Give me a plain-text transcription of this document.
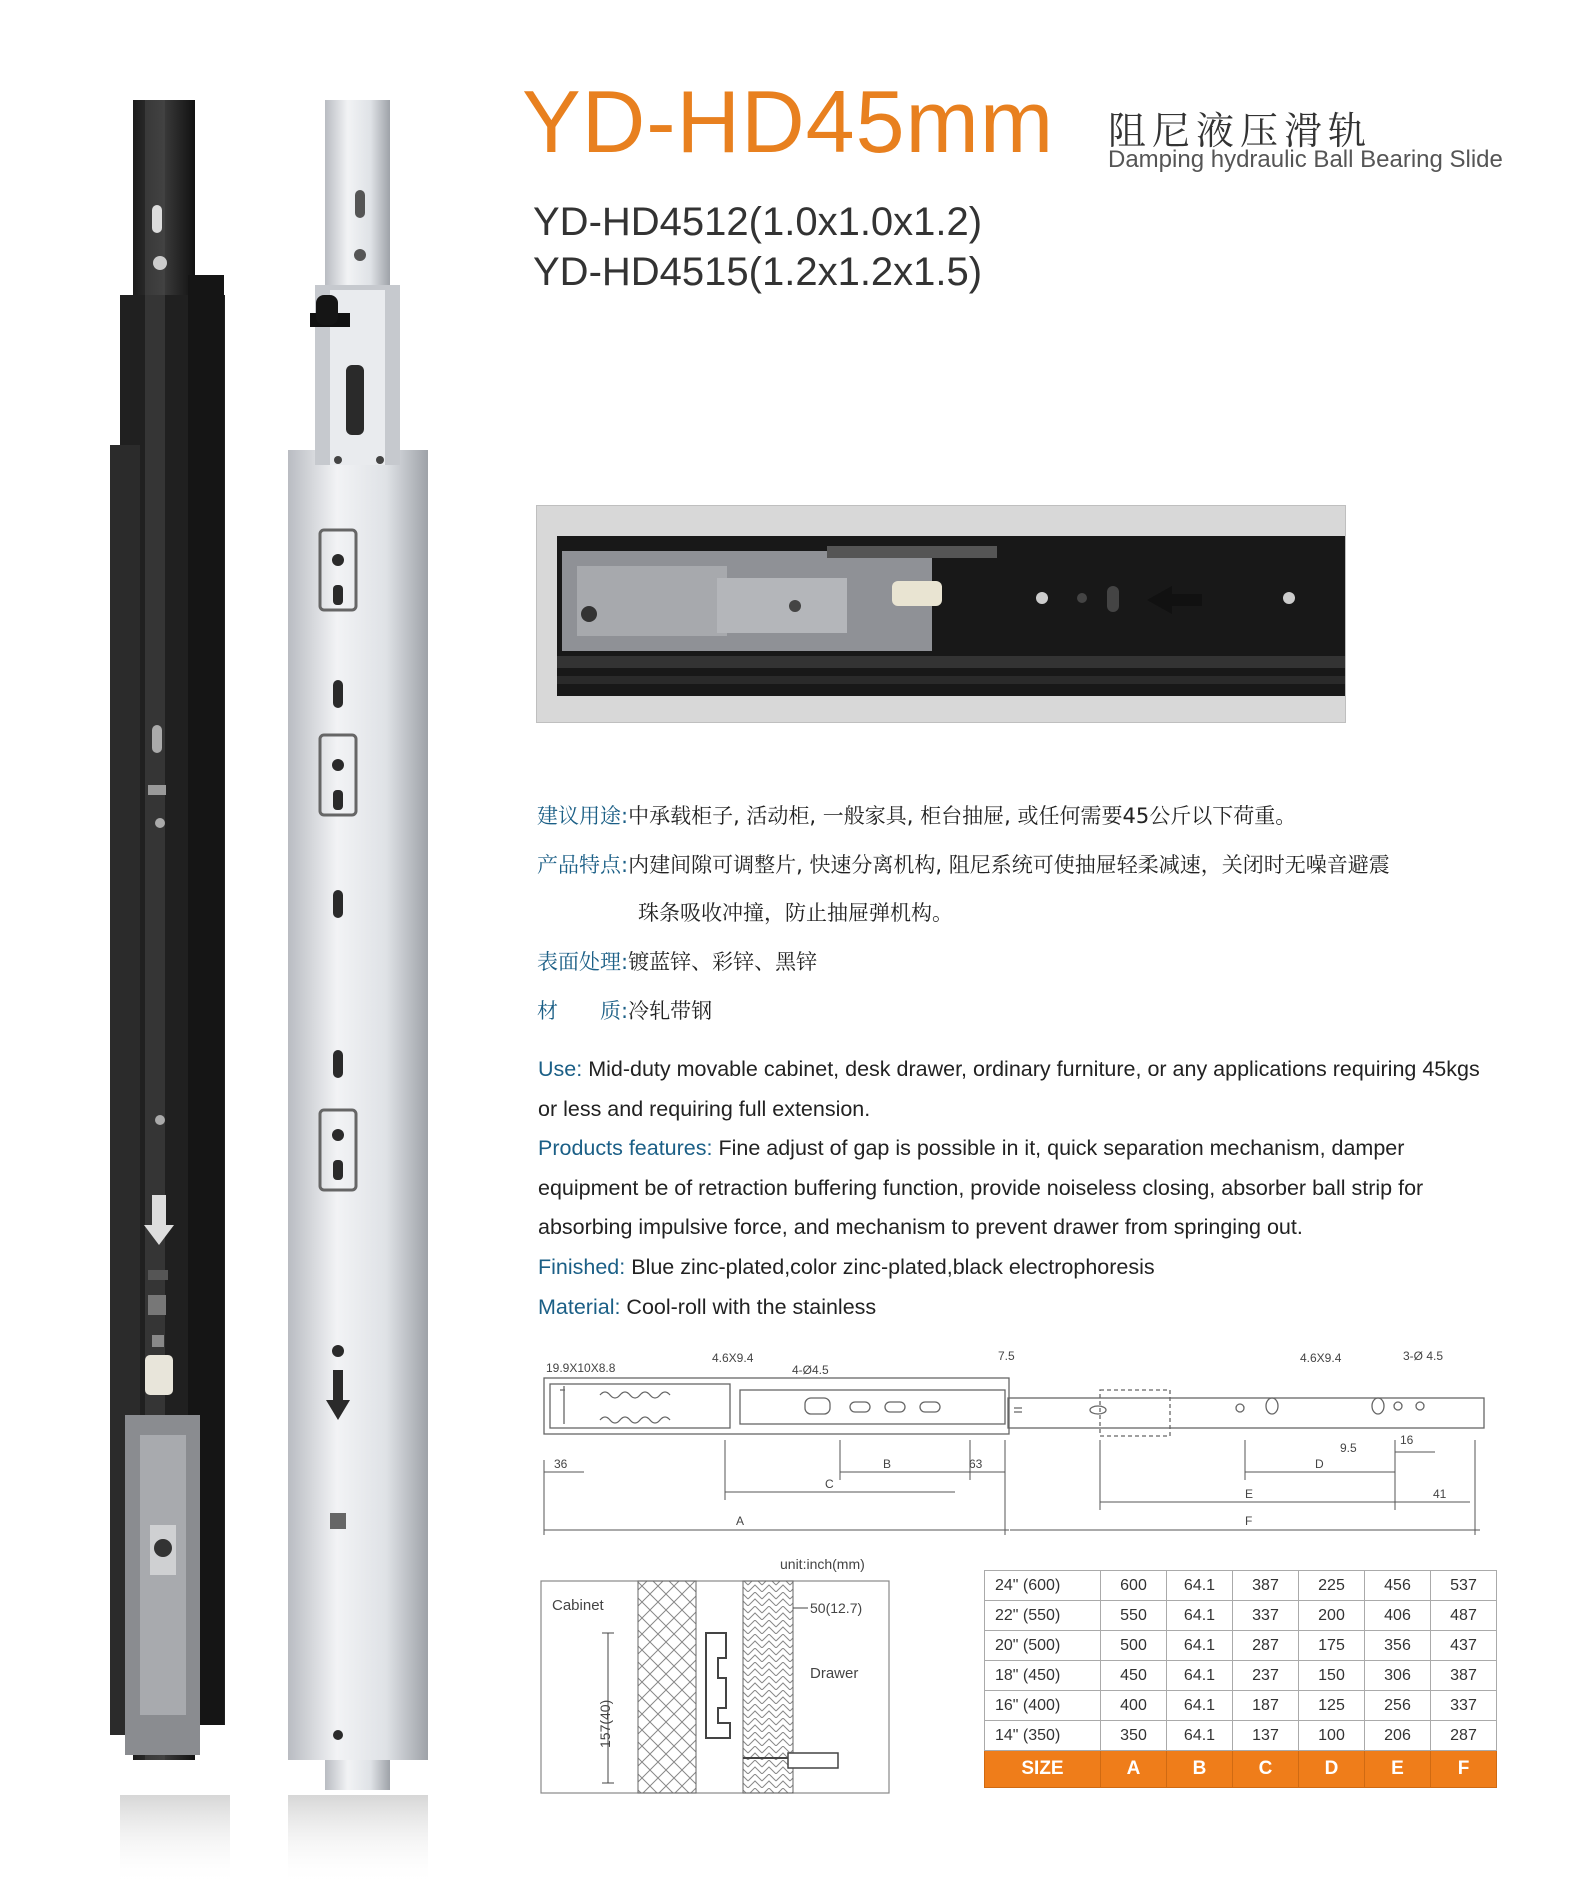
YD-HD45mm 阻尼液压滑轨
Damping hydraulic Ball Bearing Slide
YD-HD4512(1.0x1.0x1.2)
YD-HD4515(1.2x1.2x1.5)
建议用途:中承载柜子, 活动柜, 一般家具, 柜台抽屉, 或任何需要45公斤以下荷重。
产品特点:内建间隙可调整片, 快速分离机构, 阻尼系统可使抽屉轻柔减速，关闭时无噪音避震
珠条吸收冲撞，防止抽屉弹机构。
表面处理:镀蓝锌、彩锌、黑锌
材　　质:冷轧带钢
Use: Mid-duty movable cabinet, desk drawer, ordinary furniture, or any applications requiring 45kgs or less and requiring full extension.
Products features: Fine adjust of gap is possible in it, quick separation mechanism, damper equipment be of retraction buffering function, provide noiseless closing, absorber ball strip for absorbing impulsive force, and mechanism to prevent drawer from springing out.
Finished: Blue zinc-plated,color zinc-plated,black electrophoresis
Material: Cool-roll with the stainless
19.9X10X8.8
4.6X9.4
4-Ø4.5
7.5	4.6X9.4	3-Ø 4.5
9.5
16
36	B	63
C
D
E	41
A	F
unit:inch(mm)
Cabinet
Drawer
50(12.7)
157(40)
24" (600)	600	64.1	387	225	456	537
22" (550)	550	64.1	337	200	406	487
20" (500)	500	64.1	287	175	356	437
18" (450)	450	64.1	237	150	306	387
16" (400)	400	64.1	187	125	256	337
14" (350)	350	64.1	137	100	206	287
SIZE	A	B	C	D	E	F
